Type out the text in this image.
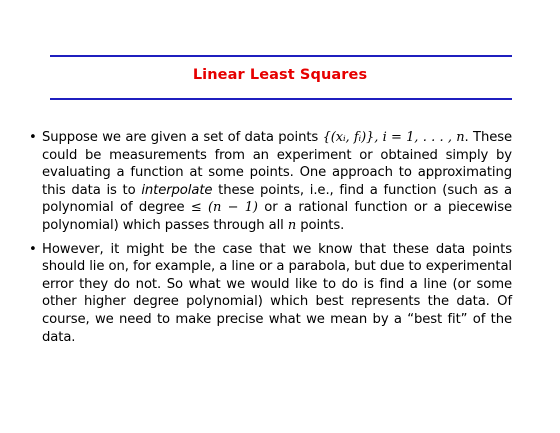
Linear Least Squares
• Suppose we are given a set of data points {(xᵢ, fᵢ)}, i = 1, . . . , n. These could be measurements from an experiment or obtained simply by evaluating a function at some points. One approach to approximating this data is to interpolate these points, i.e., find a function (such as a polynomial of degree ≤ (n − 1) or a rational function or a piecewise polynomial) which passes through all n points.
• However, it might be the case that we know that these data points should lie on, for example, a line or a parabola, but due to experimental error they do not. So what we would like to do is find a line (or some other higher degree polynomial) which best represents the data. Of course, we need to make precise what we mean by a “best fit” of the data.
